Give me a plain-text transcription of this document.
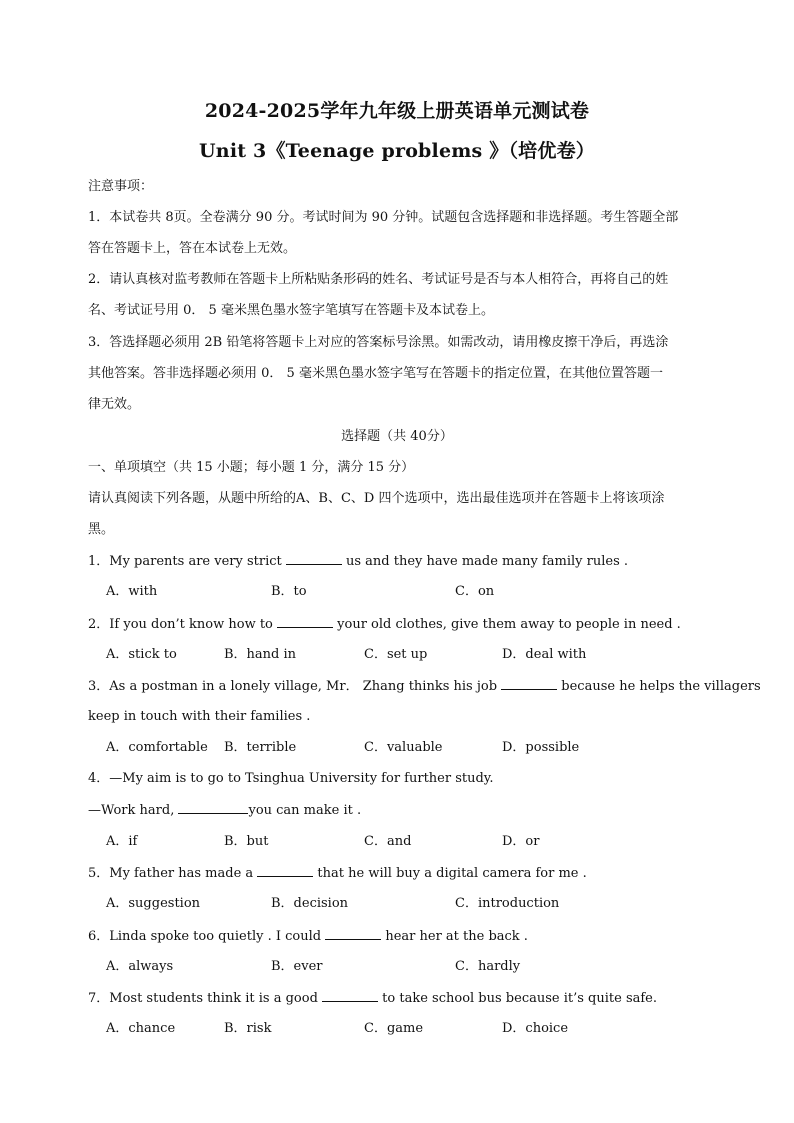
2024-2025学年九年级上册英语单元测试卷
Unit 3《Teenage problems 》（培优卷）
注意事项：
1．本试卷共 8页。全卷满分 90 分。考试时间为 90 分钟。试题包含选择题和非选择题。考生答题全部
答在答题卡上，答在本试卷上无效。
2．请认真核对监考教师在答题卡上所粘贴条形码的姓名、考试证号是否与本人相符合，再将自己的姓
名、考试证号用 0． 5 毫米黑色墨水签字笔填写在答题卡及本试卷上。
3．答选择题必须用 2B 铅笔将答题卡上对应的答案标号涂黑。如需改动，请用橡皮擦干净后，再选涂
其他答案。答非选择题必须用 0． 5 毫米黑色墨水签字笔写在答题卡的指定位置，在其他位置答题一
律无效。
选择题（共 40分）
一、单项填空（共 15 小题；每小题 1 分，满分 15 分）
请认真阅读下列各题，从题中所给的A、B、C、D 四个选项中，选出最佳选项并在答题卡上将该项涂
黑。
1．My parents are very strict	us and they have made many family rules .
A．with	B．to	C．on
2．If you don’t know how to	your old clothes, give them away to people in need .
A．stick to	B．hand in	C．set up	D．deal with
3．As a postman in a lonely village, Mr． Zhang thinks his job	because he helps the villagers
keep in touch with their families .
A．comfortable B．terrible	C．valuable	D．possible
4．—My aim is to go to Tsinghua University for further study.
—Work hard,	you can make it .
A．if	B．but	C．and	D．or
5．My father has made a	that he will buy a digital camera for me .
A．suggestion	B．decision	C．introduction
6．Linda spoke too quietly . I could	hear her at the back .
A．always	B．ever	C．hardly
7．Most students think it is a good	to take school bus because it’s quite safe.
A．chance	B．risk	C．game	D．choice
